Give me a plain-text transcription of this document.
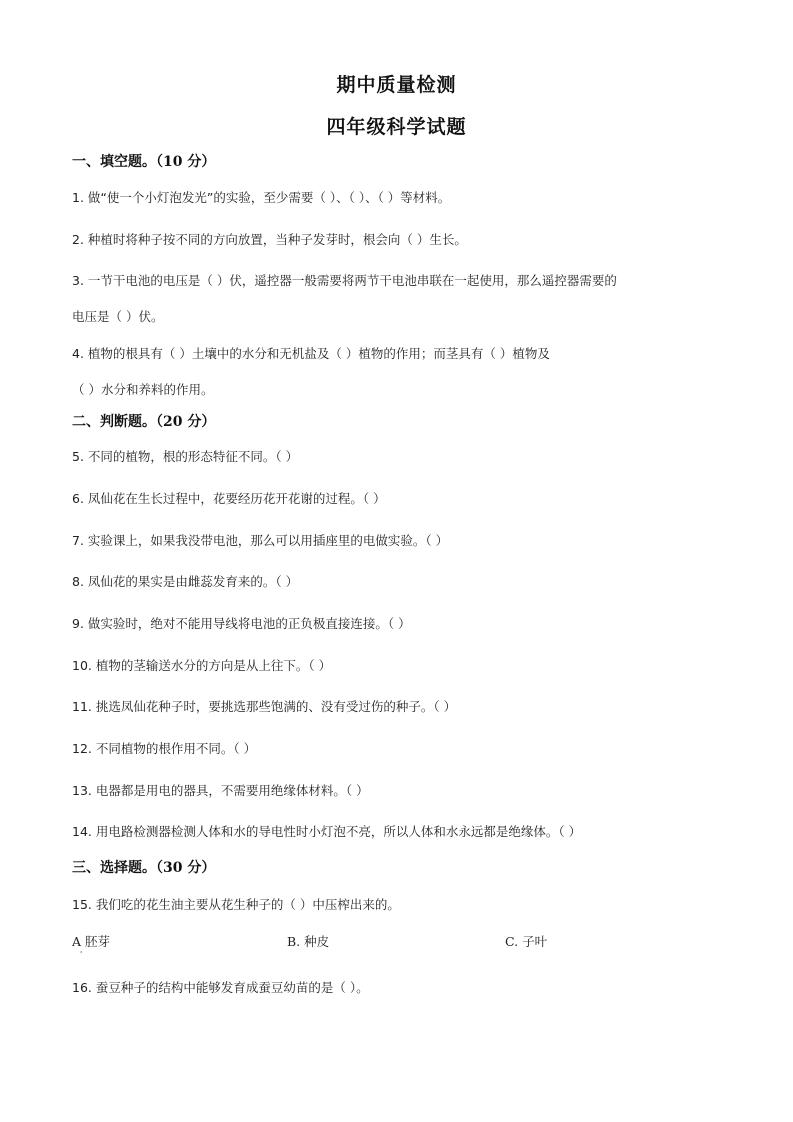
期中质量检测
四年级科学试题
一、填空题。（10 分）
1. 做“使一个小灯泡发光”的实验，至少需要（ ）、（ ）、（ ）等材料。
2. 种植时将种子按不同的方向放置，当种子发芽时，根会向（ ）生长。
3. 一节干电池的电压是（ ）伏，遥控器一般需要将两节干电池串联在一起使用，那么遥控器需要的
电压是（ ）伏。
4. 植物的根具有（ ）土壤中的水分和无机盐及（ ）植物的作用；而茎具有（ ）植物及
（ ）水分和养料的作用。
二、判断题。（20 分）
5. 不同的植物，根的形态特征不同。（ ）
6. 凤仙花在生长过程中，花要经历花开花谢的过程。（ ）
7. 实验课上，如果我没带电池，那么可以用插座里的电做实验。（ ）
8. 凤仙花的果实是由雌蕊发育来的。（ ）
9. 做实验时，绝对不能用导线将电池的正负极直接连接。（ ）
10. 植物的茎输送水分的方向是从上往下。（ ）
11. 挑选凤仙花种子时，要挑选那些饱满的、没有受过伤的种子。（ ）
12. 不同植物的根作用不同。（ ）
13. 电器都是用电的器具，不需要用绝缘体材料。（ ）
14. 用电路检测器检测人体和水的导电性时小灯泡不亮，所以人体和水永远都是绝缘体。（ ）
三、选择题。（30 分）
15. 我们吃的花生油主要从花生种子的（ ）中压榨出来的。
A 胚芽	B. 种皮	C. 子叶
'
16. 蚕豆种子的结构中能够发育成蚕豆幼苗的是（ ）。
